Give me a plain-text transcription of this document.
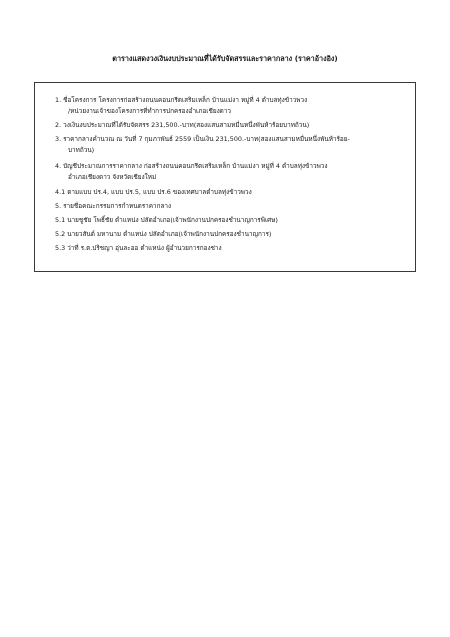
ตารางแสดงวงเงินงบประมาณที่ได้รับจัดสรรและราคากลาง (ราคาอ้างอิง)
1. ชื่อโครงการ โครงการก่อสร้างถนนคอนกรีตเสริมเหล็ก บ้านแม่งา หมู่ที่ 4 ตำบลทุ่งข้าวพวง
/หน่วยงานเจ้าของโครงการที่ทำการปกครองอำเภอเชียงดาว
2. วงเงินงบประมาณที่ได้รับจัดสรร 231,500.-บาท(สองแสนสามหมื่นหนึ่งพันห้าร้อยบาทถ้วน)
3. ราคากลางคำนวณ ณ วันที่ 7 กุมภาพันธ์ 2559 เป็นเงิน 231,500.-บาท(สองแสนสามหมื่นหนึ่งพันห้าร้อย-
บาทถ้วน)
4. บัญชีประมาณการราคากลาง ก่อสร้างถนนคอนกรีตเสริมเหล็ก บ้านแม่งา หมู่ที่ 4 ตำบลทุ่งข้าวพวง
อำเภอเชียงดาว จังหวัดเชียงใหม่
4.1 ตามแบบ ปร.4, แบบ ปร.5, แบบ ปร.6 ของเทศบาลตำบลทุ่งข้าวพวง
5. รายชื่อคณะกรรมการกำหนดราคากลาง
5.1 นายชูชัย โพธิ์ชัย ตำแหน่ง ปลัดอำเภอ(เจ้าพนักงานปกครองชำนาญการพิเศษ)
5.2 นายวสันต์ มหานาม ตำแหน่ง ปลัดอำเภอ(เจ้าพนักงานปกครองชำนาญการ)
5.3 ว่าที่ ร.ต.ปริชญา อุ่นละออ ตำแหน่ง ผู้อำนวยการกองช่าง
